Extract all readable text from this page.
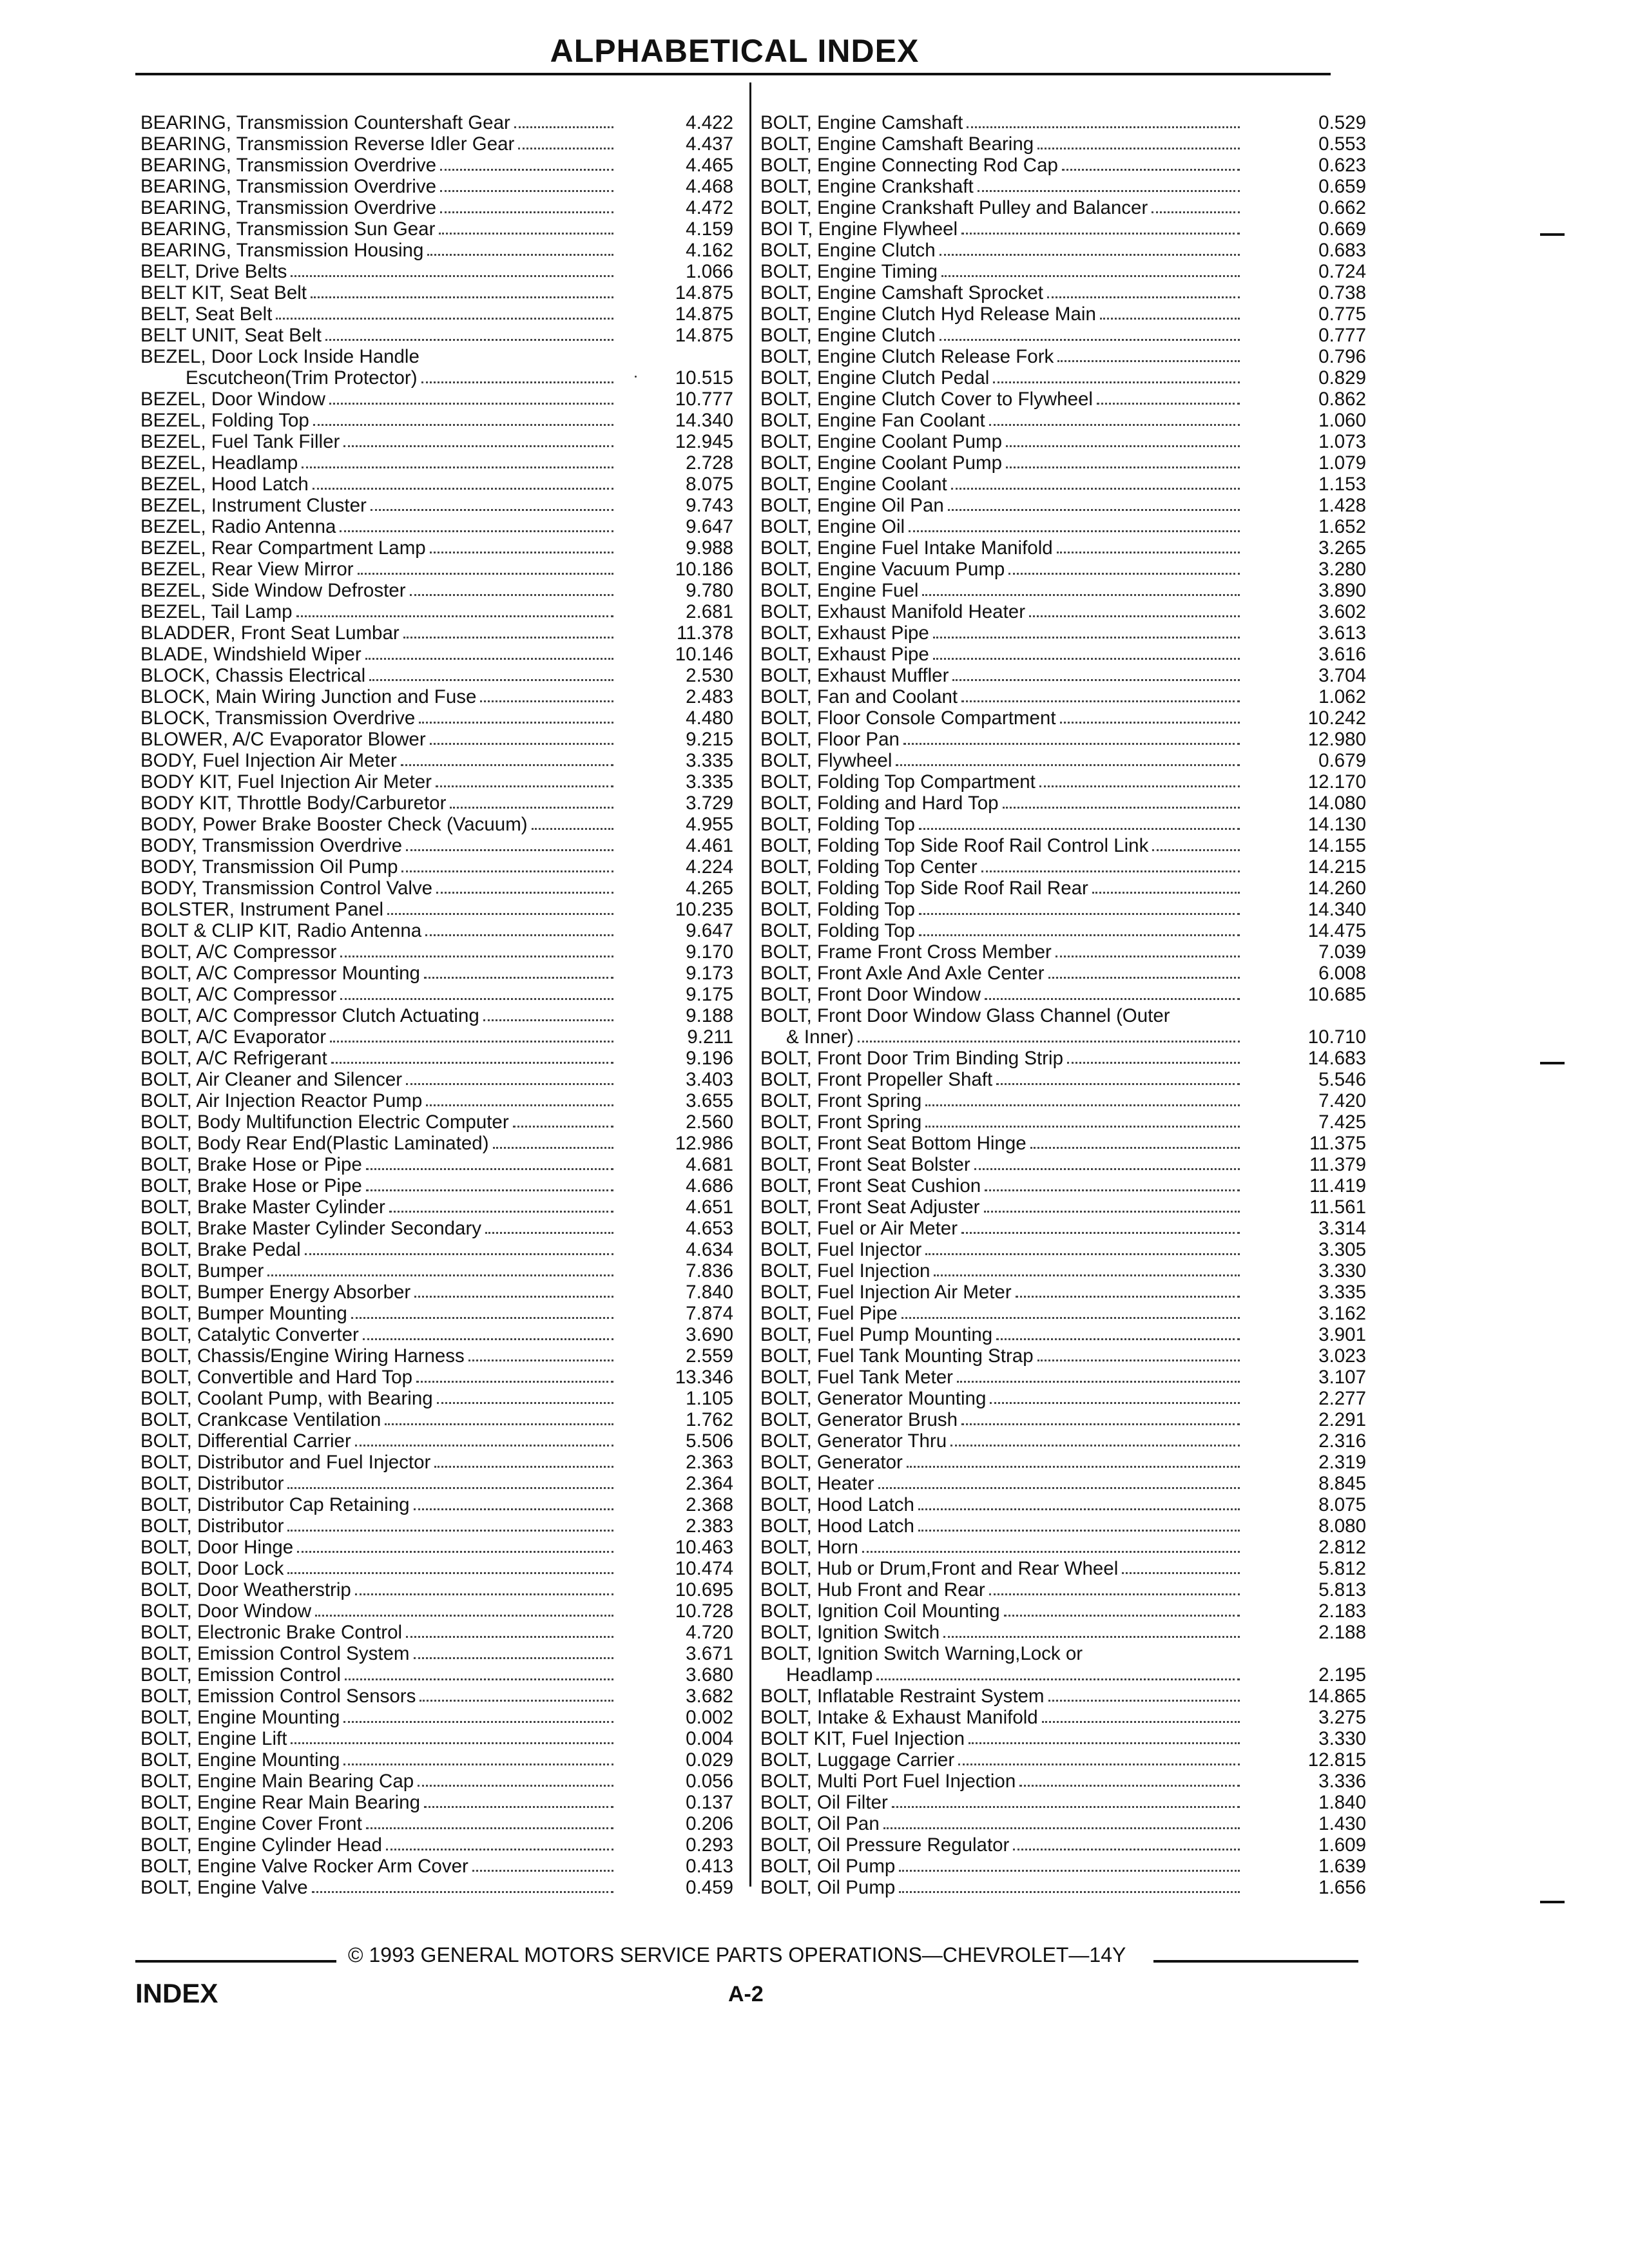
ALPHABETICAL INDEX
BEARING, Transmission Countershaft Gear	4.422
BEARING, Transmission Reverse Idler Gear	4.437
BEARING, Transmission Overdrive	4.465
BEARING, Transmission Overdrive	4.468
BEARING, Transmission Overdrive	4.472
BEARING, Transmission Sun Gear	4.159
BEARING, Transmission Housing	4.162
BELT, Drive Belts	1.066
BELT KIT, Seat Belt	14.875
BELT, Seat Belt	14.875
BELT UNIT, Seat Belt	14.875
BEZEL, Door Lock Inside Handle
Escutcheon(Trim Protector)	10.515
BEZEL, Door Window	10.777
BEZEL, Folding Top	14.340
BEZEL, Fuel Tank Filler	12.945
BEZEL, Headlamp	2.728
BEZEL, Hood Latch	8.075
BEZEL, Instrument Cluster	9.743
BEZEL, Radio Antenna	9.647
BEZEL, Rear Compartment Lamp	9.988
BEZEL, Rear View Mirror	10.186
BEZEL, Side Window Defroster	9.780
BEZEL, Tail Lamp	2.681
BLADDER, Front Seat Lumbar	11.378
BLADE, Windshield Wiper	10.146
BLOCK, Chassis Electrical	2.530
BLOCK, Main Wiring Junction and Fuse	2.483
BLOCK, Transmission Overdrive	4.480
BLOWER, A/C Evaporator Blower	9.215
BODY, Fuel Injection Air Meter	3.335
BODY KIT, Fuel Injection Air Meter	3.335
BODY KIT, Throttle Body/Carburetor	3.729
BODY, Power Brake Booster Check (Vacuum)	4.955
BODY, Transmission Overdrive	4.461
BODY, Transmission Oil Pump	4.224
BODY, Transmission Control Valve	4.265
BOLSTER, Instrument Panel	10.235
BOLT & CLIP KIT, Radio Antenna	9.647
BOLT, A/C Compressor	9.170
BOLT, A/C Compressor Mounting	9.173
BOLT, A/C Compressor	9.175
BOLT, A/C Compressor Clutch Actuating	9.188
BOLT, A/C Evaporator	9.211
BOLT, A/C Refrigerant	9.196
BOLT, Air Cleaner and Silencer	3.403
BOLT, Air Injection Reactor Pump	3.655
BOLT, Body Multifunction Electric Computer	2.560
BOLT, Body Rear End(Plastic Laminated)	12.986
BOLT, Brake Hose or Pipe	4.681
BOLT, Brake Hose or Pipe	4.686
BOLT, Brake Master Cylinder	4.651
BOLT, Brake Master Cylinder Secondary	4.653
BOLT, Brake Pedal	4.634
BOLT, Bumper	7.836
BOLT, Bumper Energy Absorber	7.840
BOLT, Bumper Mounting	7.874
BOLT, Catalytic Converter	3.690
BOLT, Chassis/Engine Wiring Harness	2.559
BOLT, Convertible and Hard Top	13.346
BOLT, Coolant Pump, with Bearing	1.105
BOLT, Crankcase Ventilation	1.762
BOLT, Differential Carrier	5.506
BOLT, Distributor and Fuel Injector	2.363
BOLT, Distributor	2.364
BOLT, Distributor Cap Retaining	2.368
BOLT, Distributor	2.383
BOLT, Door Hinge	10.463
BOLT, Door Lock	10.474
BOLT, Door Weatherstrip	10.695
BOLT, Door Window	10.728
BOLT, Electronic Brake Control	4.720
BOLT, Emission Control System	3.671
BOLT, Emission Control	3.680
BOLT, Emission Control Sensors	3.682
BOLT, Engine Mounting	0.002
BOLT, Engine Lift	0.004
BOLT, Engine Mounting	0.029
BOLT, Engine Main Bearing Cap	0.056
BOLT, Engine Rear Main Bearing	0.137
BOLT, Engine Cover Front	0.206
BOLT, Engine Cylinder Head	0.293
BOLT, Engine Valve Rocker Arm Cover	0.413
BOLT, Engine Valve	0.459
BOLT, Engine Camshaft	0.529
BOLT, Engine Camshaft Bearing	0.553
BOLT, Engine Connecting Rod Cap	0.623
BOLT, Engine Crankshaft	0.659
BOLT, Engine Crankshaft Pulley and Balancer	0.662
BOI T, Engine Flywheel	0.669
BOLT, Engine Clutch	0.683
BOLT, Engine Timing	0.724
BOLT, Engine Camshaft Sprocket	0.738
BOLT, Engine Clutch Hyd Release Main	0.775
BOLT, Engine Clutch	0.777
BOLT, Engine Clutch Release Fork	0.796
BOLT, Engine Clutch Pedal	0.829
BOLT, Engine Clutch Cover to Flywheel	0.862
BOLT, Engine Fan Coolant	1.060
BOLT, Engine Coolant Pump	1.073
BOLT, Engine Coolant Pump	1.079
BOLT, Engine Coolant	1.153
BOLT, Engine Oil Pan	1.428
BOLT, Engine Oil	1.652
BOLT, Engine Fuel Intake Manifold	3.265
BOLT, Engine Vacuum Pump	3.280
BOLT, Engine Fuel	3.890
BOLT, Exhaust Manifold Heater	3.602
BOLT, Exhaust Pipe	3.613
BOLT, Exhaust Pipe	3.616
BOLT, Exhaust Muffler	3.704
BOLT, Fan and Coolant	1.062
BOLT, Floor Console Compartment	10.242
BOLT, Floor Pan	12.980
BOLT, Flywheel	0.679
BOLT, Folding Top Compartment	12.170
BOLT, Folding and Hard Top	14.080
BOLT, Folding Top	14.130
BOLT, Folding Top Side Roof Rail Control Link	14.155
BOLT, Folding Top Center	14.215
BOLT, Folding Top Side Roof Rail Rear	14.260
BOLT, Folding Top	14.340
BOLT, Folding Top	14.475
BOLT, Frame Front Cross Member	7.039
BOLT, Front Axle And Axle Center	6.008
BOLT, Front Door Window	10.685
BOLT, Front Door Window Glass Channel (Outer
& Inner)	10.710
BOLT, Front Door Trim Binding Strip	14.683
BOLT, Front Propeller Shaft	5.546
BOLT, Front Spring	7.420
BOLT, Front Spring	7.425
BOLT, Front Seat Bottom Hinge	11.375
BOLT, Front Seat Bolster	11.379
BOLT, Front Seat Cushion	11.419
BOLT, Front Seat Adjuster	11.561
BOLT, Fuel or Air Meter	3.314
BOLT, Fuel Injector	3.305
BOLT, Fuel Injection	3.330
BOLT, Fuel Injection Air Meter	3.335
BOLT, Fuel Pipe	3.162
BOLT, Fuel Pump Mounting	3.901
BOLT, Fuel Tank Mounting Strap	3.023
BOLT, Fuel Tank Meter	3.107
BOLT, Generator Mounting	2.277
BOLT, Generator Brush	2.291
BOLT, Generator Thru	2.316
BOLT, Generator	2.319
BOLT, Heater	8.845
BOLT, Hood Latch	8.075
BOLT, Hood Latch	8.080
BOLT, Horn	2.812
BOLT, Hub or Drum,Front and Rear Wheel	5.812
BOLT, Hub Front and Rear	5.813
BOLT, Ignition Coil Mounting	2.183
BOLT, Ignition Switch	2.188
BOLT, Ignition Switch Warning,Lock or
Headlamp	2.195
BOLT, Inflatable Restraint System	14.865
BOLT, Intake & Exhaust Manifold	3.275
BOLT KIT, Fuel Injection	3.330
BOLT, Luggage Carrier	12.815
BOLT, Multi Port Fuel Injection	3.336
BOLT, Oil Filter	1.840
BOLT, Oil Pan	1.430
BOLT, Oil Pressure Regulator	1.609
BOLT, Oil Pump	1.639
BOLT, Oil Pump	1.656
© 1993 GENERAL MOTORS SERVICE PARTS OPERATIONS—CHEVROLET—14Y
INDEX	A-2
